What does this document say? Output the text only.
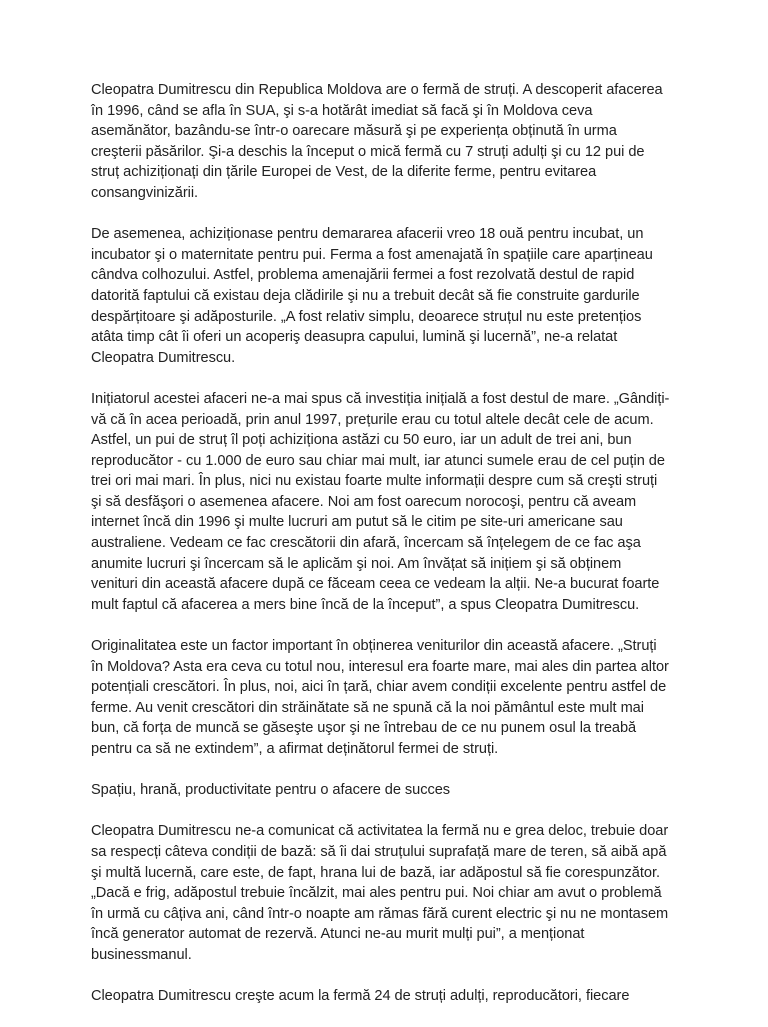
Cleopatra Dumitrescu din Republica Moldova are o fermă de struți. A descoperit afacerea în 1996, când se afla în SUA, şi s-a hotărât imediat să facă şi în Moldova ceva asemănător, bazându-se într-o oarecare măsură şi pe experiența obținută în urma creşterii păsărilor. Şi-a deschis la început o mică fermă cu 7 struți adulți şi cu 12 pui de struț achiziționați din țările Europei de Vest, de la diferite ferme, pentru evitarea consangvinizării.

De asemenea, achiziționase pentru demararea afacerii vreo 18 ouă pentru incubat, un incubator şi o maternitate pentru pui. Ferma a fost amenajată în spațiile care aparțineau cândva colhozului. Astfel, problema amenajării fermei a fost rezolvată destul de rapid datorită faptului că existau deja clădirile şi nu a trebuit decât să fie construite gardurile despărțitoare şi adăposturile. „A fost relativ simplu, deoarece struțul nu este pretențios atâta timp cât îi oferi un acoperiş deasupra capului, lumină şi lucernă”, ne-a relatat Cleopatra Dumitrescu.

Inițiatorul acestei afaceri ne-a mai spus că investiția inițială a fost destul de mare. „Gândiți-vă că în acea perioadă, prin anul 1997, prețurile erau cu totul altele decât cele de acum. Astfel, un pui de struț îl poți achiziționa astăzi cu 50 euro, iar un adult de trei ani, bun reproducător - cu 1.000 de euro sau chiar mai mult, iar atunci sumele erau de cel puțin de trei ori mai mari. În plus, nici nu existau foarte multe informații despre cum să creşti struți şi să desfăşori o asemenea afacere. Noi am fost oarecum norocoşi, pentru că aveam internet încă din 1996 şi multe lucruri am putut să le citim pe site-uri americane sau australiene. Vedeam ce fac crescătorii din afară, încercam să înțelegem de ce fac aşa anumite lucruri şi încercam să le aplicăm şi noi. Am învățat să inițiem şi să obținem venituri din această afacere după ce făceam ceea ce vedeam la alții. Ne-a bucurat foarte mult faptul că afacerea a mers bine încă de la început”, a spus Cleopatra Dumitrescu.

Originalitatea este un factor important în obținerea veniturilor din această afacere. „Struți în Moldova? Asta era ceva cu totul nou, interesul era foarte mare, mai ales din partea altor potențiali crescători. În plus, noi, aici în țară, chiar avem condiții excelente pentru astfel de ferme. Au venit crescători din străinătate să ne spună că la noi pământul este mult mai bun, că forța de muncă se găseşte uşor şi ne întrebau de ce nu punem osul la treabă pentru ca să ne extindem”, a afirmat deținătorul fermei de struți.

Spațiu, hrană, productivitate pentru o afacere de succes

Cleopatra Dumitrescu ne-a comunicat că activitatea la fermă nu e grea deloc, trebuie doar sa respecți câteva condiții de bază: să îi dai struțului suprafață mare de teren, să aibă apă şi multă lucernă, care este, de fapt, hrana lui de bază, iar adăpostul să fie corespunzător. „Dacă e frig, adăpostul trebuie încălzit, mai ales pentru pui. Noi chiar am avut o problemă în urmă cu câțiva ani, când într-o noapte am rămas fără curent electric şi nu ne montasem încă generator automat de rezervă. Atunci ne-au murit mulți pui”, a menționat businessmanul.

Cleopatra Dumitrescu creşte acum la fermă 24 de struți adulți, reproducători, fiecare
